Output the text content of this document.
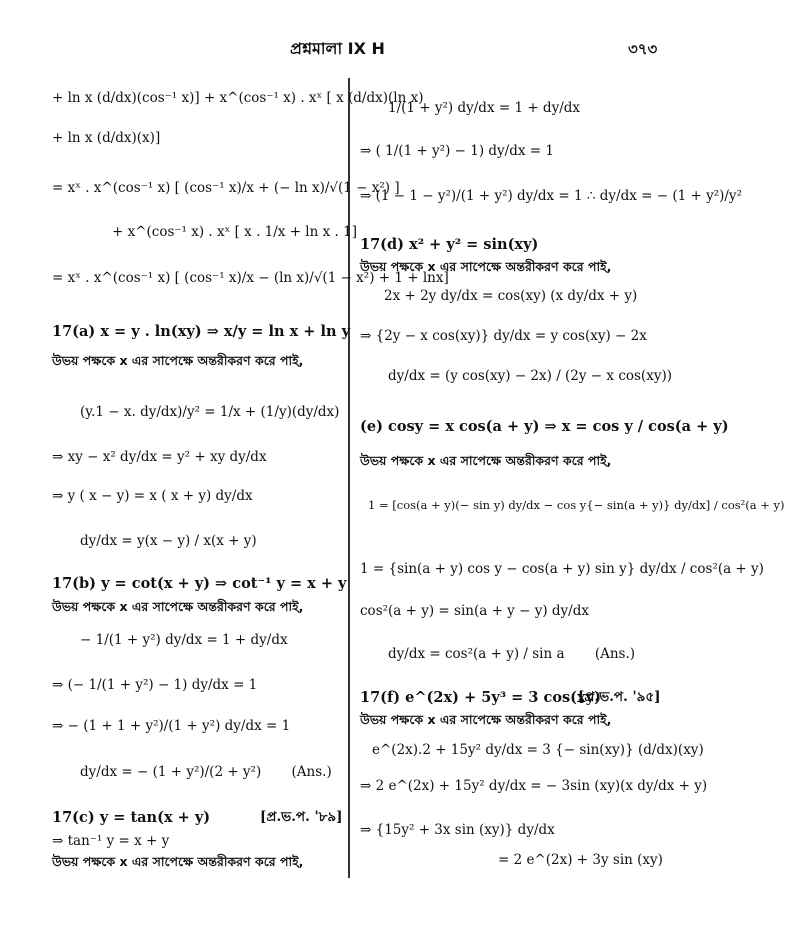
প্রশ্নমালা IX H	৩৭৩
+ ln x (d/dx)(cos⁻¹ x)] + x^(cos⁻¹ x) . xˣ [ x (d/dx)(ln x)
+ ln x (d/dx)(x)]
= xˣ . x^(cos⁻¹ x) [ (cos⁻¹ x)/x + (− ln x)/√(1 − x²) ]
+ x^(cos⁻¹ x) . xˣ [ x . 1/x + ln x . 1]
= xˣ . x^(cos⁻¹ x) [ (cos⁻¹ x)/x − (ln x)/√(1 − x²) + 1 + lnx]
17(a) x = y . ln(xy) ⇒ x/y = ln x + ln y
উভয় পক্ষকে x এর সাপেক্ষে অন্তরীকরণ করে পাই,
(y.1 − x. dy/dx)/y² = 1/x + (1/y)(dy/dx)
⇒ xy − x² dy/dx = y² + xy dy/dx
⇒ y ( x − y) = x ( x + y) dy/dx
dy/dx = y(x − y) / x(x + y)
17(b) y = cot(x + y) ⇒ cot⁻¹ y = x + y
উভয় পক্ষকে x এর সাপেক্ষে অন্তরীকরণ করে পাই,
− 1/(1 + y²) dy/dx = 1 + dy/dx
⇒ (− 1/(1 + y²) − 1) dy/dx = 1
⇒ − (1 + 1 + y²)/(1 + y²) dy/dx = 1
dy/dx = − (1 + y²)/(2 + y²) (Ans.)
17(c) y = tan(x + y)	[প্র.ভ.প. '৮৯]
⇒ tan⁻¹ y = x + y
উভয় পক্ষকে x এর সাপেক্ষে অন্তরীকরণ করে পাই,
1/(1 + y²) dy/dx = 1 + dy/dx
⇒ ( 1/(1 + y²) − 1) dy/dx = 1
⇒ (1 − 1 − y²)/(1 + y²) dy/dx = 1 ∴ dy/dx = − (1 + y²)/y²
17(d) x² + y² = sin(xy)
উভয় পক্ষকে x এর সাপেক্ষে অন্তরীকরণ করে পাই,
2x + 2y dy/dx = cos(xy) (x dy/dx + y)
⇒ {2y − x cos(xy)} dy/dx = y cos(xy) − 2x
dy/dx = (y cos(xy) − 2x) / (2y − x cos(xy))
(e) cosy = x cos(a + y) ⇒ x = cos y / cos(a + y)
উভয় পক্ষকে x এর সাপেক্ষে অন্তরীকরণ করে পাই,
1 = [cos(a + y)(− sin y) dy/dx − cos y{− sin(a + y)} dy/dx] / cos²(a + y)
1 = {sin(a + y) cos y − cos(a + y) sin y} dy/dx / cos²(a + y)
cos²(a + y) = sin(a + y − y) dy/dx
dy/dx = cos²(a + y) / sin a (Ans.)
17(f) e^(2x) + 5y³ = 3 cos(xy)
[প্র.ভ.প. '৯৫]
উভয় পক্ষকে x এর সাপেক্ষে অন্তরীকরণ করে পাই,
e^(2x).2 + 15y² dy/dx = 3 {− sin(xy)} (d/dx)(xy)
⇒ 2 e^(2x) + 15y² dy/dx = − 3sin (xy)(x dy/dx + y)
⇒ {15y² + 3x sin (xy)} dy/dx
= 2 e^(2x) + 3y sin (xy)
